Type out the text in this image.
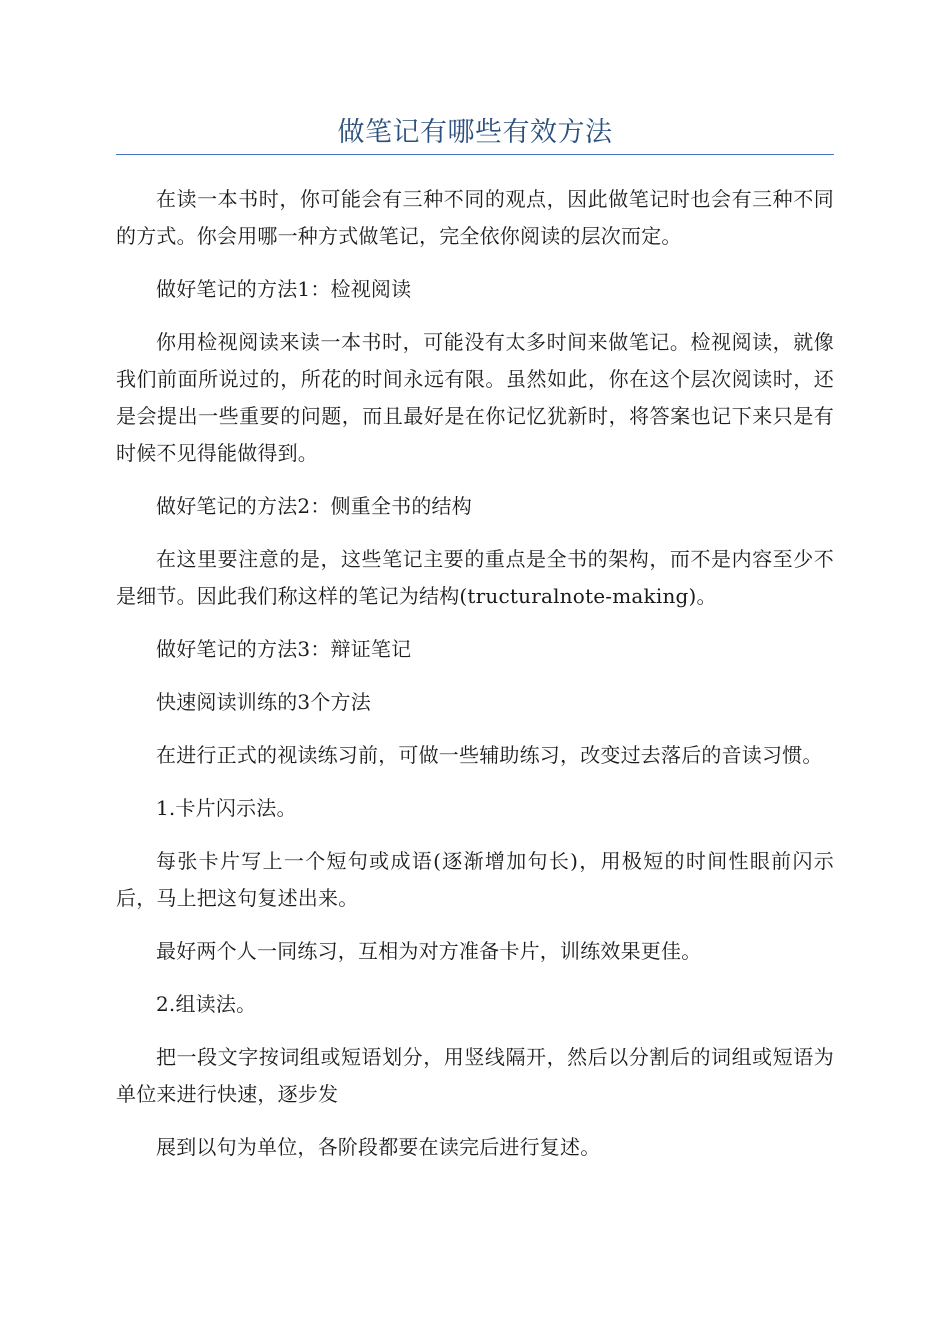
做笔记有哪些有效方法

在读一本书时，你可能会有三种不同的观点，因此做笔记时也会有三种不同的方式。你会用哪一种方式做笔记，完全依你阅读的层次而定。

做好笔记的方法1：检视阅读

你用检视阅读来读一本书时，可能没有太多时间来做笔记。检视阅读，就像我们前面所说过的，所花的时间永远有限。虽然如此，你在这个层次阅读时，还是会提出一些重要的问题，而且最好是在你记忆犹新时，将答案也记下来只是有时候不见得能做得到。

做好笔记的方法2：侧重全书的结构

在这里要注意的是，这些笔记主要的重点是全书的架构，而不是内容至少不是细节。因此我们称这样的笔记为结构(tructuralnote-making)。

做好笔记的方法3：辩证笔记

快速阅读训练的3个方法

在进行正式的视读练习前，可做一些辅助练习，改变过去落后的音读习惯。

1.卡片闪示法。

每张卡片写上一个短句或成语(逐渐增加句长)，用极短的时间性眼前闪示后，马上把这句复述出来。

最好两个人一同练习，互相为对方准备卡片，训练效果更佳。

2.组读法。

把一段文字按词组或短语划分，用竖线隔开，然后以分割后的词组或短语为单位来进行快速，逐步发

展到以句为单位，各阶段都要在读完后进行复述。
